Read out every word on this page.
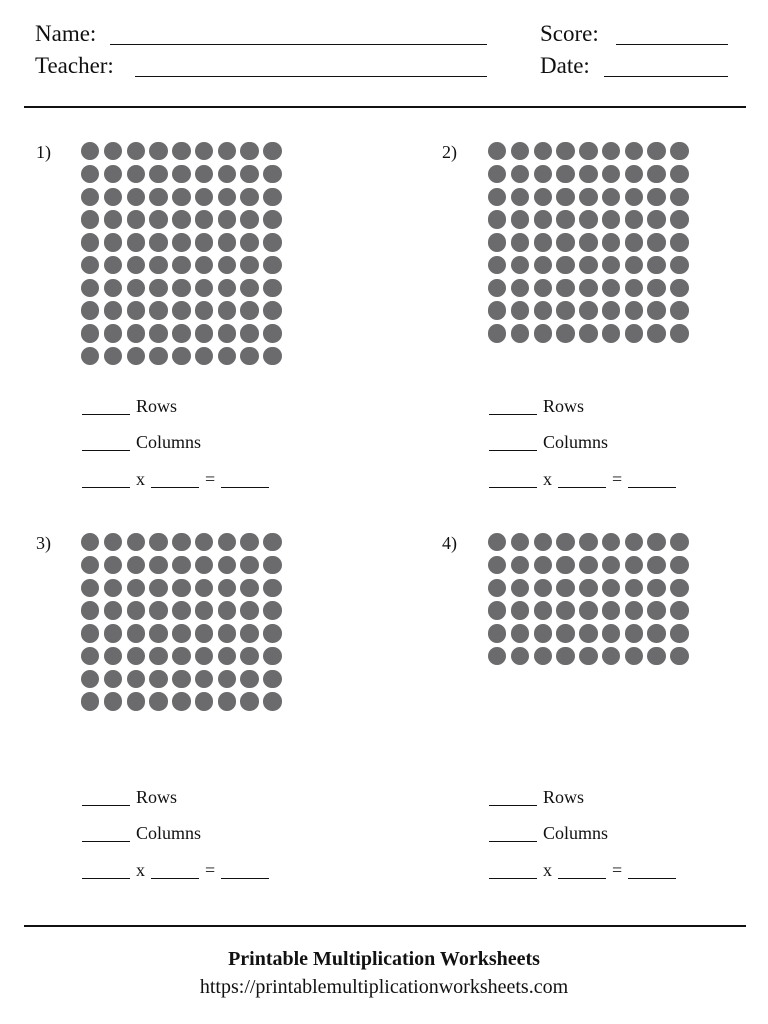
Name:
Teacher:
Score:
Date:
1)
Rows
Columns
x	=
2)
Rows
Columns
x	=
3)
Rows
Columns
x	=
4)
Rows
Columns
x	=
Printable Multiplication Worksheets
https://printablemultiplicationworksheets.com
